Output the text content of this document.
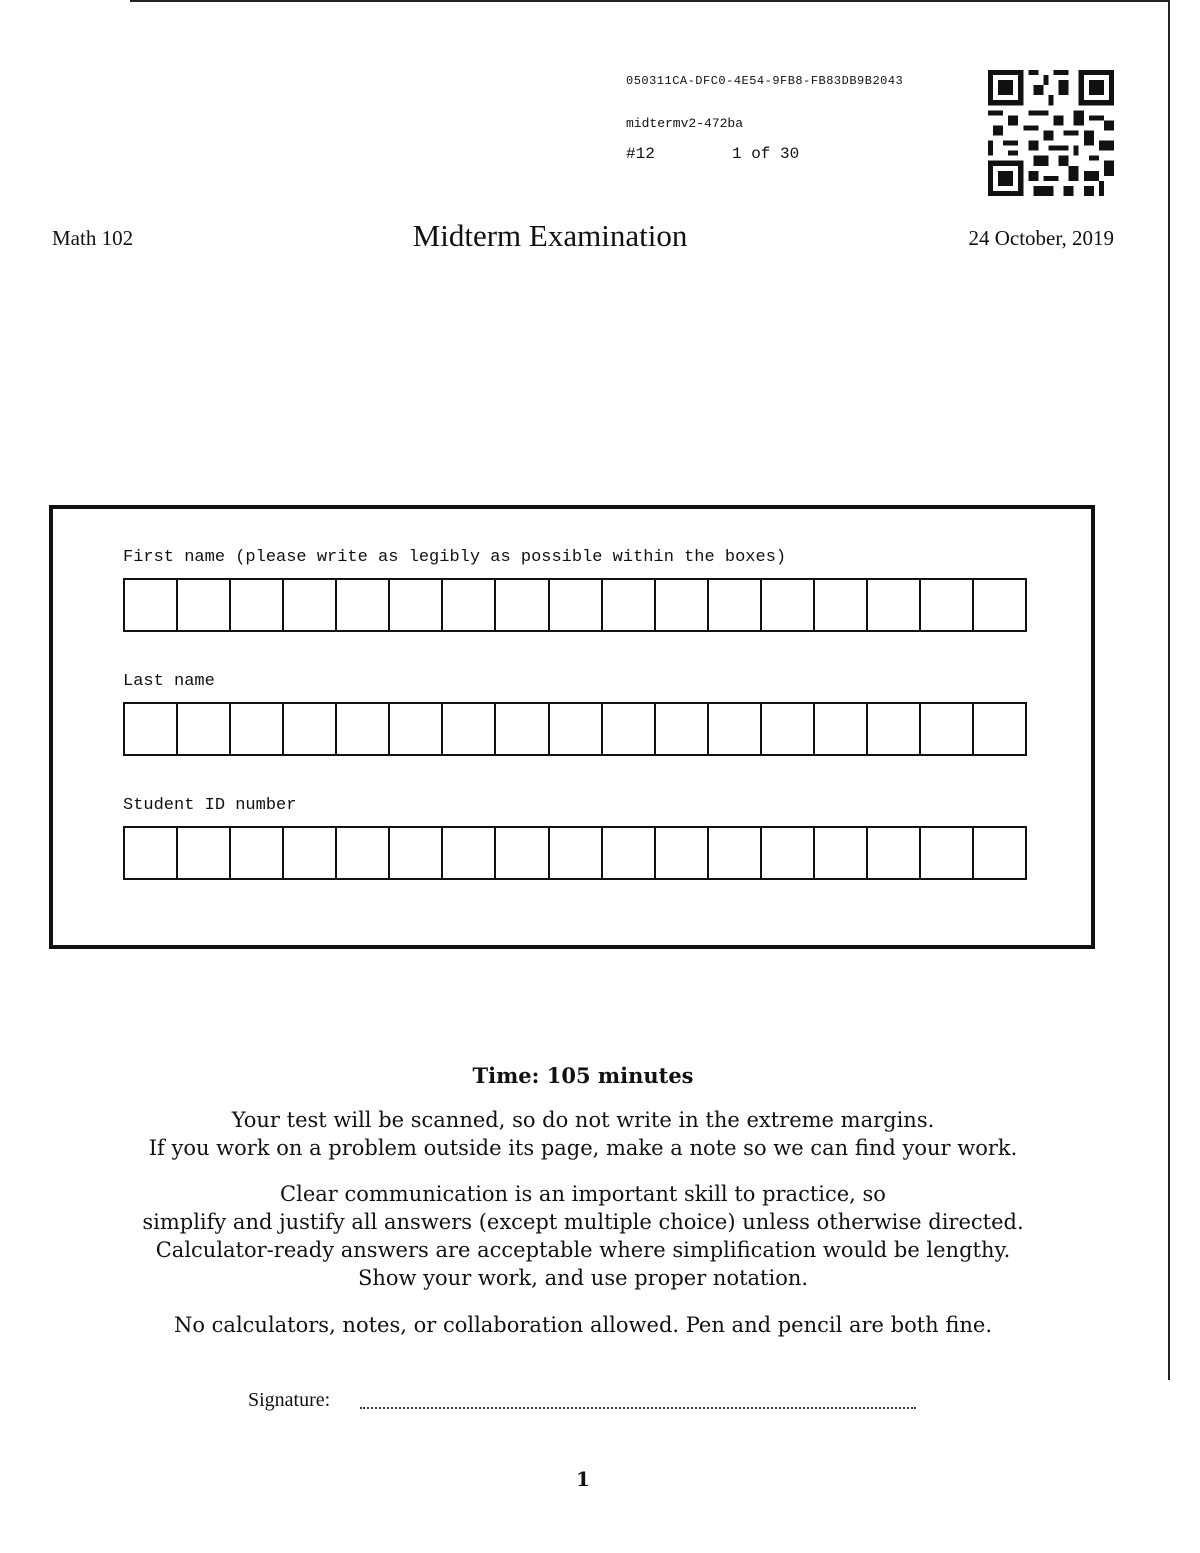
050311CA-DFC0-4E54-9FB8-FB83DB9B2043
midtermv2-472ba
#12	1 of 30
Math 102	Midterm Examination	24 October, 2019
First name (please write as legibly as possible within the boxes)
Last name
Student ID number
Time: 105 minutes
Your test will be scanned, so do not write in the extreme margins.
If you work on a problem outside its page, make a note so we can find your work.
Clear communication is an important skill to practice, so
simplify and justify all answers (except multiple choice) unless otherwise directed.
Calculator-ready answers are acceptable where simplification would be lengthy.
Show your work, and use proper notation.
No calculators, notes, or collaboration allowed. Pen and pencil are both fine.
Signature:
1
